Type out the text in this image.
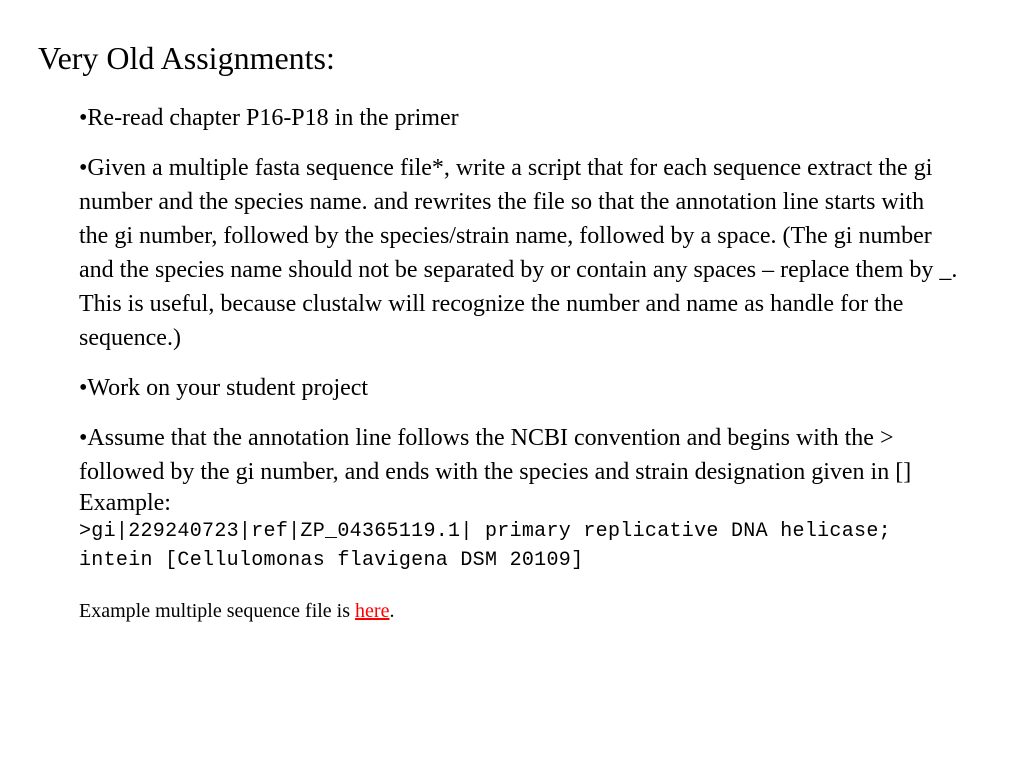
Very Old Assignments:

•Re-read chapter P16-P18 in the primer

•Given a multiple fasta sequence file*, write a script that for each sequence extract the gi number and the species name. and rewrites the file so that the annotation line starts with the gi number, followed by the species/strain name, followed by a space. (The gi number and the species name should not be separated by or contain any spaces – replace them by _. This is useful, because clustalw will recognize the number and name as handle for the sequence.)

•Work on your student project

•Assume that the annotation line follows the NCBI convention and begins with the > followed by the gi number, and ends with the species and strain designation given in []

Example:

>gi|229240723|ref|ZP_04365119.1| primary replicative DNA helicase; intein [Cellulomonas flavigena DSM 20109]

Example multiple sequence file is here.
